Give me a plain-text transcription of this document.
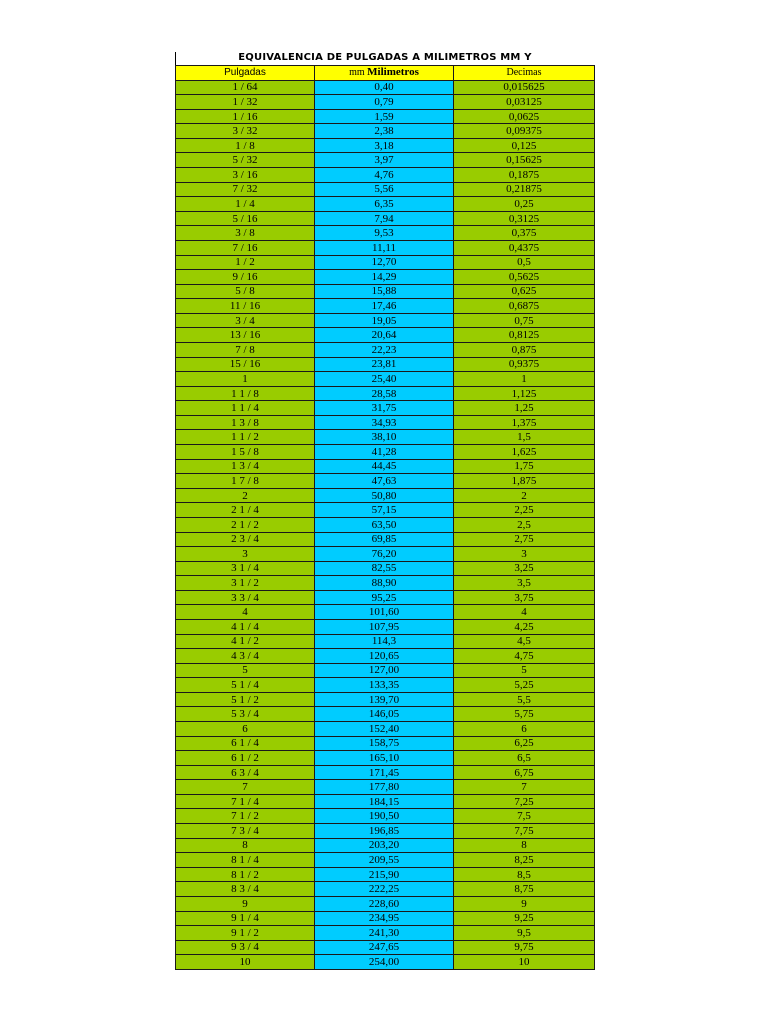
EQUIVALENCIA DE PULGADAS A MILIMETROS MM Y
Pulgadas	mm Milimetros	Decimas
1 / 64	0,40	0,015625
1 / 32	0,79	0,03125
1 / 16	1,59	0,0625
3 / 32	2,38	0,09375
1 / 8	3,18	0,125
5 / 32	3,97	0,15625
3 / 16	4,76	0,1875
7 / 32	5,56	0,21875
1 / 4	6,35	0,25
5 / 16	7,94	0,3125
3 / 8	9,53	0,375
7 / 16	11,11	0,4375
1 / 2	12,70	0,5
9 / 16	14,29	0,5625
5 / 8	15,88	0,625
11 / 16	17,46	0,6875
3 / 4	19,05	0,75
13 / 16	20,64	0,8125
7 / 8	22,23	0,875
15 / 16	23,81	0,9375
1	25,40	1
1 1 / 8	28,58	1,125
1 1 / 4	31,75	1,25
1 3 / 8	34,93	1,375
1 1 / 2	38,10	1,5
1 5 / 8	41,28	1,625
1 3 / 4	44,45	1,75
1 7 / 8	47,63	1,875
2	50,80	2
2 1 / 4	57,15	2,25
2 1 / 2	63,50	2,5
2 3 / 4	69,85	2,75
3	76,20	3
3 1 / 4	82,55	3,25
3 1 / 2	88,90	3,5
3 3 / 4	95,25	3,75
4	101,60	4
4 1 / 4	107,95	4,25
4 1 / 2	114,3	4,5
4 3 / 4	120,65	4,75
5	127,00	5
5 1 / 4	133,35	5,25
5 1 / 2	139,70	5,5
5 3 / 4	146,05	5,75
6	152,40	6
6 1 / 4	158,75	6,25
6 1 / 2	165,10	6,5
6 3 / 4	171,45	6,75
7	177,80	7
7 1 / 4	184,15	7,25
7 1 / 2	190,50	7,5
7 3 / 4	196,85	7,75
8	203,20	8
8 1 / 4	209,55	8,25
8 1 / 2	215,90	8,5
8 3 / 4	222,25	8,75
9	228,60	9
9 1 / 4	234,95	9,25
9 1 / 2	241,30	9,5
9 3 / 4	247,65	9,75
10	254,00	10
